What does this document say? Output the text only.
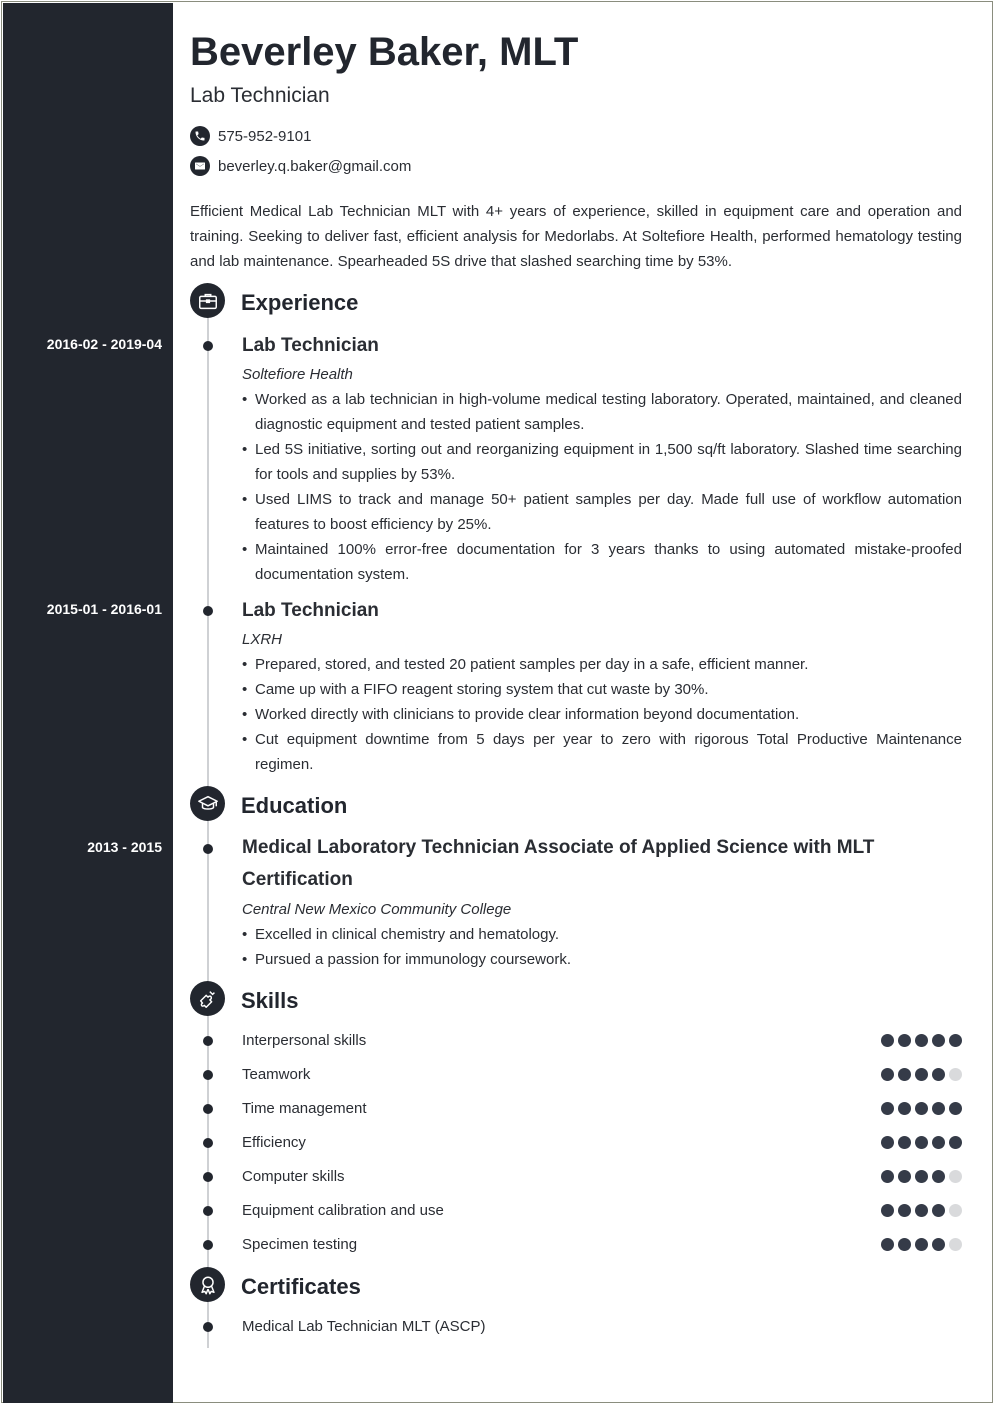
Beverley Baker, MLT
Lab Technician
575-952-9101
beverley.q.baker@gmail.com
Efficient Medical Lab Technician MLT with 4+ years of experience, skilled in equipment care and operation and training. Seeking to deliver fast, efficient analysis for Medorlabs. At Soltefiore Health, performed hematology testing and lab maintenance. Spearheaded 5S drive that slashed searching time by 53%.
Experience
2016-02 - 2019-04	Lab Technician
Soltefiore Health
• Worked as a lab technician in high-volume medical testing laboratory. Operated, maintained, and cleaned diagnostic equipment and tested patient samples.
• Led 5S initiative, sorting out and reorganizing equipment in 1,500 sq/ft laboratory. Slashed time searching for tools and supplies by 53%.
• Used LIMS to track and manage 50+ patient samples per day. Made full use of workflow automation features to boost efficiency by 25%.
• Maintained 100% error-free documentation for 3 years thanks to using automated mistake-proofed documentation system.
2015-01 - 2016-01	Lab Technician
LXRH
• Prepared, stored, and tested 20 patient samples per day in a safe, efficient manner.
• Came up with a FIFO reagent storing system that cut waste by 30%.
• Worked directly with clinicians to provide clear information beyond documentation.
• Cut equipment downtime from 5 days per year to zero with rigorous Total Productive Maintenance regimen.
Education
2013 - 2015	Medical Laboratory Technician Associate of Applied Science with MLT Certification
Central New Mexico Community College
• Excelled in clinical chemistry and hematology.
• Pursued a passion for immunology coursework.
Skills
Interpersonal skills
Teamwork
Time management
Efficiency
Computer skills
Equipment calibration and use
Specimen testing
Certificates
Medical Lab Technician MLT (ASCP)
